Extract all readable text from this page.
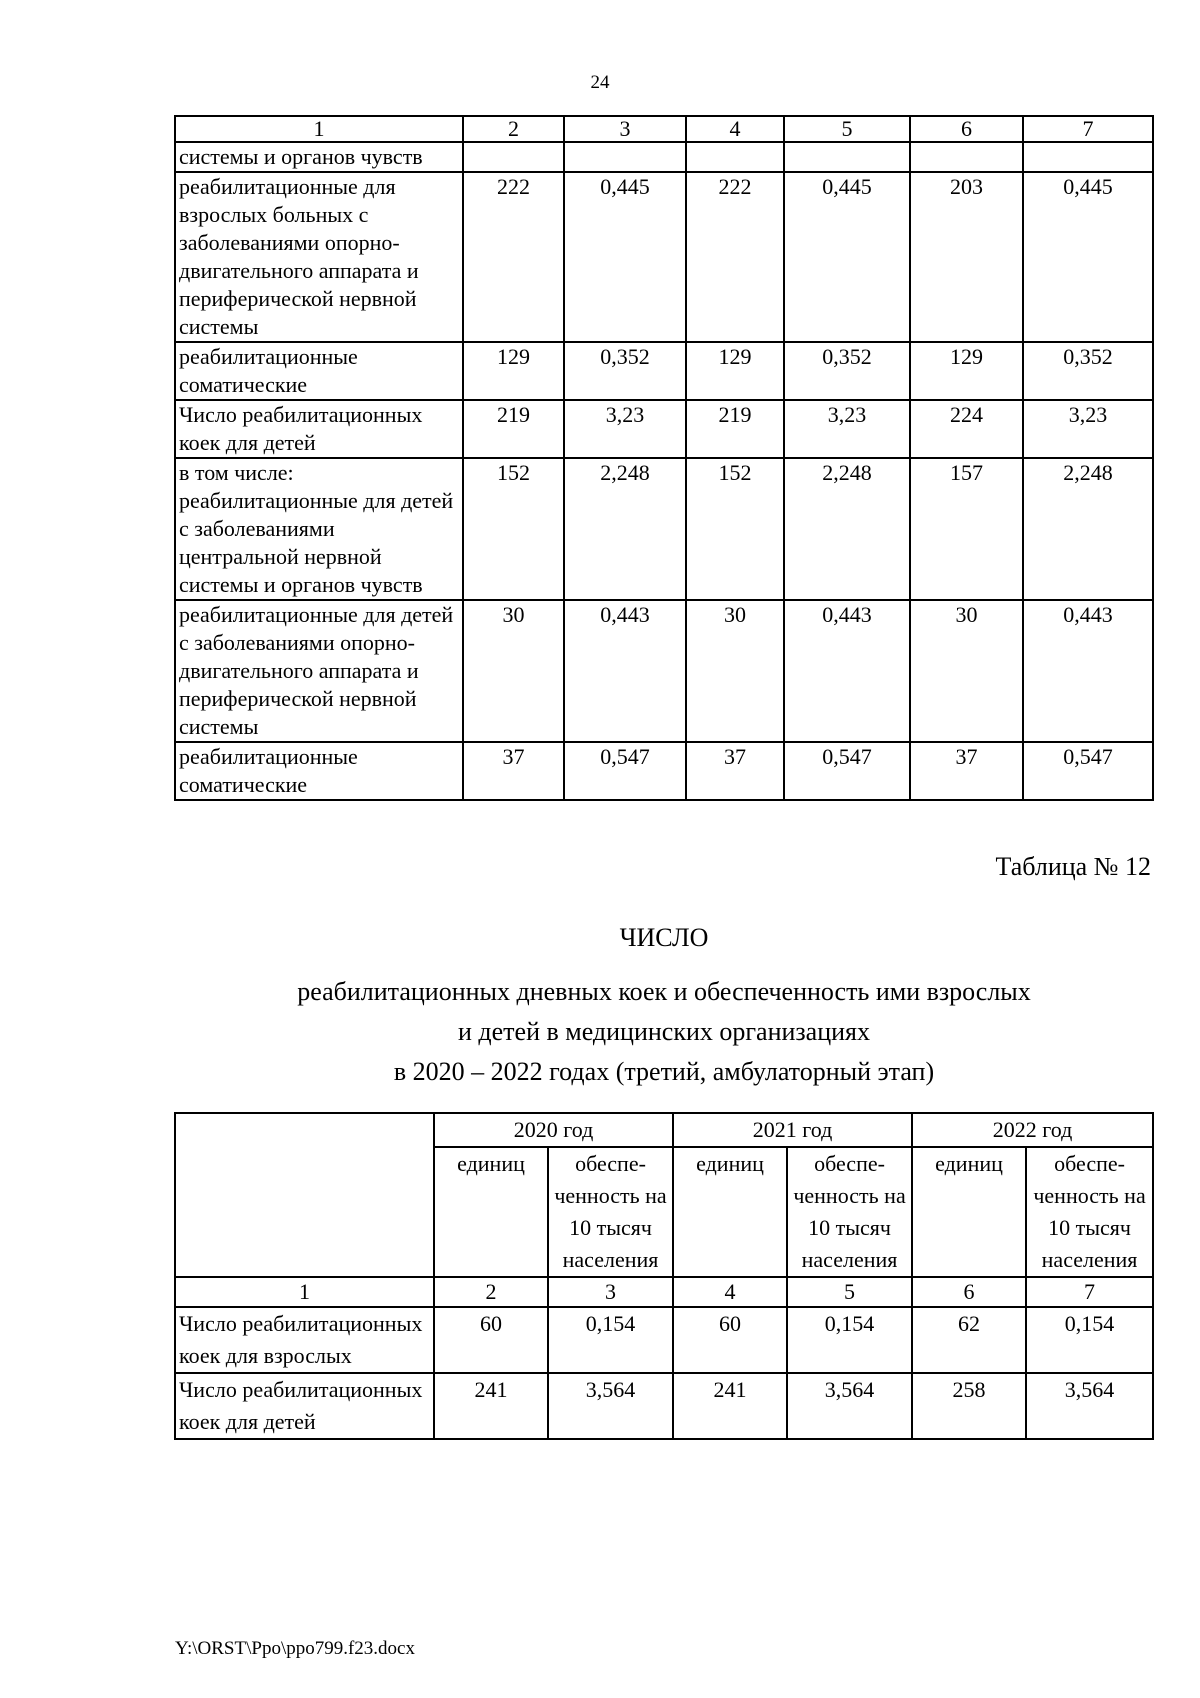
24
1	2	3	4	5	6	7
системы и органов чувств						
реабилитационные для взрослых больных с заболеваниями опорно-двигательного аппарата и периферической нервной системы	222	0,445	222	0,445	203	0,445
реабилитационные соматические	129	0,352	129	0,352	129	0,352
Число реабилитационных коек для детей	219	3,23	219	3,23	224	3,23
в том числе: реабилитационные для детей с заболеваниями центральной нервной системы и органов чувств	152	2,248	152	2,248	157	2,248
реабилитационные для детей с заболеваниями опорно-двигательного аппарата и периферической нервной системы	30	0,443	30	0,443	30	0,443
реабилитационные соматические	37	0,547	37	0,547	37	0,547
Таблица № 12
ЧИСЛО
реабилитационных дневных коек и обеспеченность ими взрослых
и детей в медицинских организациях
в 2020 – 2022 годах (третий, амбулаторный этап)
	2020 год		2021 год		2022 год	
	единиц	обеспе- ченность на 10 тысяч населения	единиц	обеспе- ченность на 10 тысяч населения	единиц	обеспе- ченность на 10 тысяч населения
1	2	3	4	5	6	7
Число реабилитационных коек для взрослых	60	0,154	60	0,154	62	0,154
Число реабилитационных коек для детей	241	3,564	241	3,564	258	3,564
Y:\ORST\Ppo\ppo799.f23.docx
